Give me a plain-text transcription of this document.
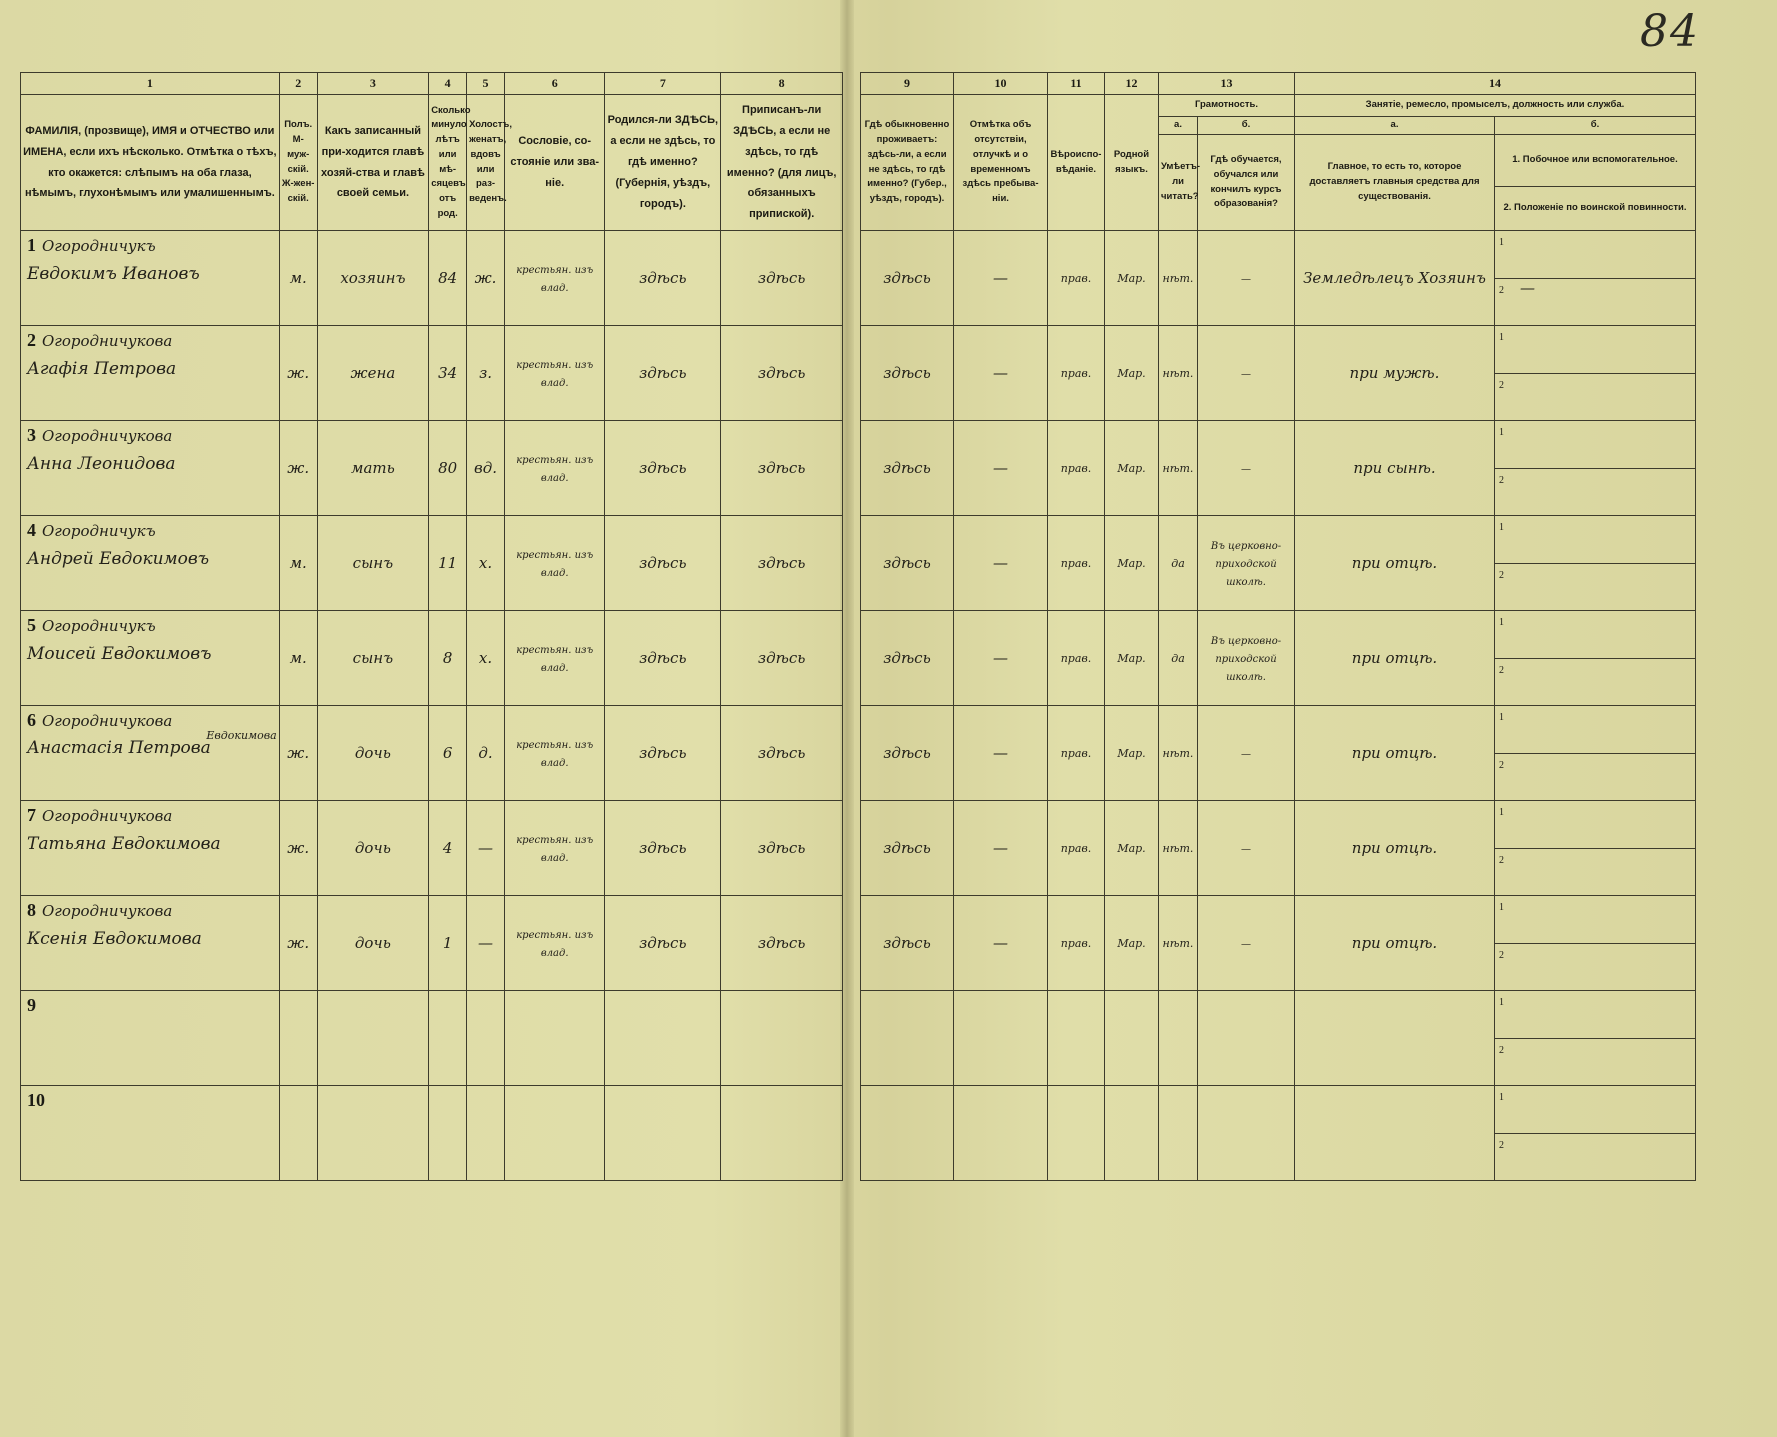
84
1	2	3	4	5	6	7	8
ФАМИЛІЯ, (прозвище), ИМЯ и ОТЧЕСТВО или ИМЕНА, если ихъ нѣсколько. Отмѣтка о тѣхъ, кто окажется: слѣпымъ на оба глаза, нѣмымъ, глухонѣмымъ или умалишеннымъ.	Полъ. М-муж-скій. Ж-жен-скій.	Какъ записанный при-ходится главѣ хозяй-ства и главѣ своей семьи.	Сколько минуло лѣтъ или мѣ-сяцевъ отъ род.	Холостъ, женатъ, вдовъ или раз-веденъ.	Сословіе, со-стояніе или зва-ніе.	Родился-ли ЗДѢСЬ, а если не здѣсь, то гдѣ именно? (Губернія, уѣздъ, городъ).	Приписанъ-ли ЗДѢСЬ, а если не здѣсь, то гдѣ именно? (для лицъ, обязанныхъ припиской).

1 Огородничукъ
Евдокимъ Ивановъ	м.	хозяинъ	84	ж.	крестьян. изъ влад.	здѣсь	здѣсь

2 Огородничукова
Агафія Петрова	ж.	жена	34	з.	крестьян. изъ влад.	здѣсь	здѣсь

3 Огородничукова
Анна Леонидова	ж.	мать	80	вд.	крестьян. изъ влад.	здѣсь	здѣсь

4 Огородничукъ
Андрей Евдокимовъ	м.	сынъ	11	х.	крестьян. изъ влад.	здѣсь	здѣсь

5 Огородничукъ
Моисей Евдокимовъ	м.	сынъ	8	х.	крестьян. изъ влад.	здѣсь	здѣсь

6 Огородничукова
Евдокимова
Анастасія Петрова	ж.	дочь	6	д.	крестьян. изъ влад.	здѣсь	здѣсь

7 Огородничукова
Татьяна Евдокимова	ж.	дочь	4	—	крестьян. изъ влад.	здѣсь	здѣсь

8 Огородничукова
Ксенія Евдокимова	ж.	дочь	1	—	крестьян. изъ влад.	здѣсь	здѣсь

9							

10							

9	10	11	12	13		14	
Гдѣ обыкновенно проживаетъ: здѣсь-ли, а если не здѣсь, то гдѣ именно? (Губер., уѣздъ, городъ).	Отмѣтка объ отсутствіи, отлучкѣ и о временномъ здѣсь пребыва-ніи.	Вѣроиспо-вѣданіе.	Родной языкъ.	Грамотность.		Занятіе, ремесло, промыселъ, должность или служба.	
				а.	б.	а.	б.
				Умѣетъ-ли читать?	Гдѣ обучается, обучался или кончилъ курсъ образованія?	Главное, то есть то, которое доставляетъ главныя средства для существованія.	1. Побочное или вспомогательное.
							2. Положеніе по воинской повинности.
здѣсь	—	прав.	Мар.	нѣт.	—	Земледѣлецъ Хозяинъ	1
							2 —
здѣсь	—	прав.	Мар.	нѣт.	—	при мужѣ.	1
							2
здѣсь	—	прав.	Мар.	нѣт.	—	при сынѣ.	1
							2
здѣсь	—	прав.	Мар.	да	Въ церковно-приходской школѣ.	при отцѣ.	1
							2
здѣсь	—	прав.	Мар.	да	Въ церковно-приходской школѣ.	при отцѣ.	1
							2
здѣсь	—	прав.	Мар.	нѣт.	—	при отцѣ.	1
							2
здѣсь	—	прав.	Мар.	нѣт.	—	при отцѣ.	1
							2
здѣсь	—	прав.	Мар.	нѣт.	—	при отцѣ.	1
							2
							1
							2
							1
							2
